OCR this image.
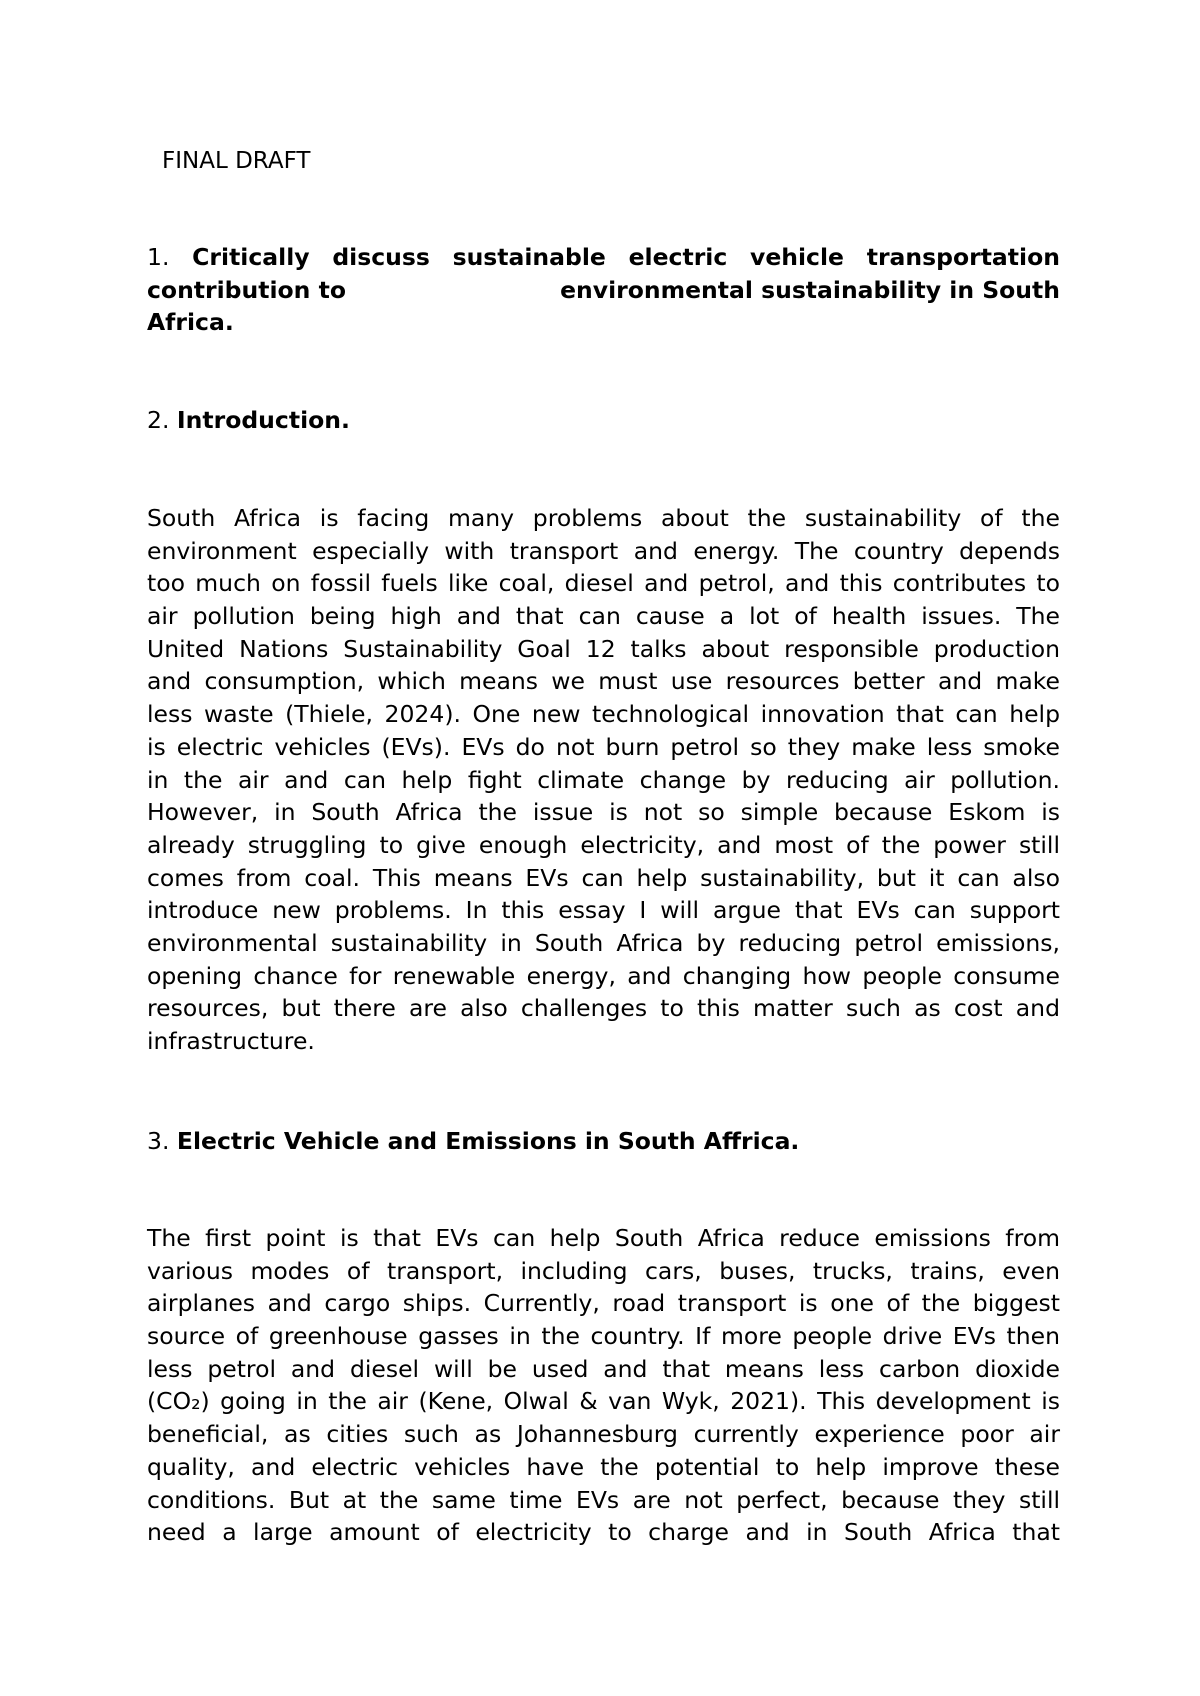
FINAL DRAFT

1. Critically discuss sustainable electric vehicle transportation
contribution to	environmental sustainability in South
Africa.

2. Introduction.

South Africa is facing many problems about the sustainability of the
environment especially with transport and energy. The country depends
too much on fossil fuels like coal, diesel and petrol, and this contributes to
air pollution being high and that can cause a lot of health issues. The
United Nations Sustainability Goal 12 talks about responsible production
and consumption, which means we must use resources better and make
less waste (Thiele, 2024). One new technological innovation that can help
is electric vehicles (EVs). EVs do not burn petrol so they make less smoke
in the air and can help fight climate change by reducing air pollution.
However, in South Africa the issue is not so simple because Eskom is
already struggling to give enough electricity, and most of the power still
comes from coal. This means EVs can help sustainability, but it can also
introduce new problems. In this essay I will argue that EVs can support
environmental sustainability in South Africa by reducing petrol emissions,
opening chance for renewable energy, and changing how people consume
resources, but there are also challenges to this matter such as cost and
infrastructure.

3. Electric Vehicle and Emissions in South Affrica.

The first point is that EVs can help South Africa reduce emissions from
various modes of transport, including cars, buses, trucks, trains, even
airplanes and cargo ships. Currently, road transport is one of the biggest
source of greenhouse gasses in the country. If more people drive EVs then
less petrol and diesel will be used and that means less carbon dioxide
(CO₂) going in the air (Kene, Olwal & van Wyk, 2021). This development is
beneficial, as cities such as Johannesburg currently experience poor air
quality, and electric vehicles have the potential to help improve these
conditions. But at the same time EVs are not perfect, because they still
need a large amount of electricity to charge and in South Africa that
